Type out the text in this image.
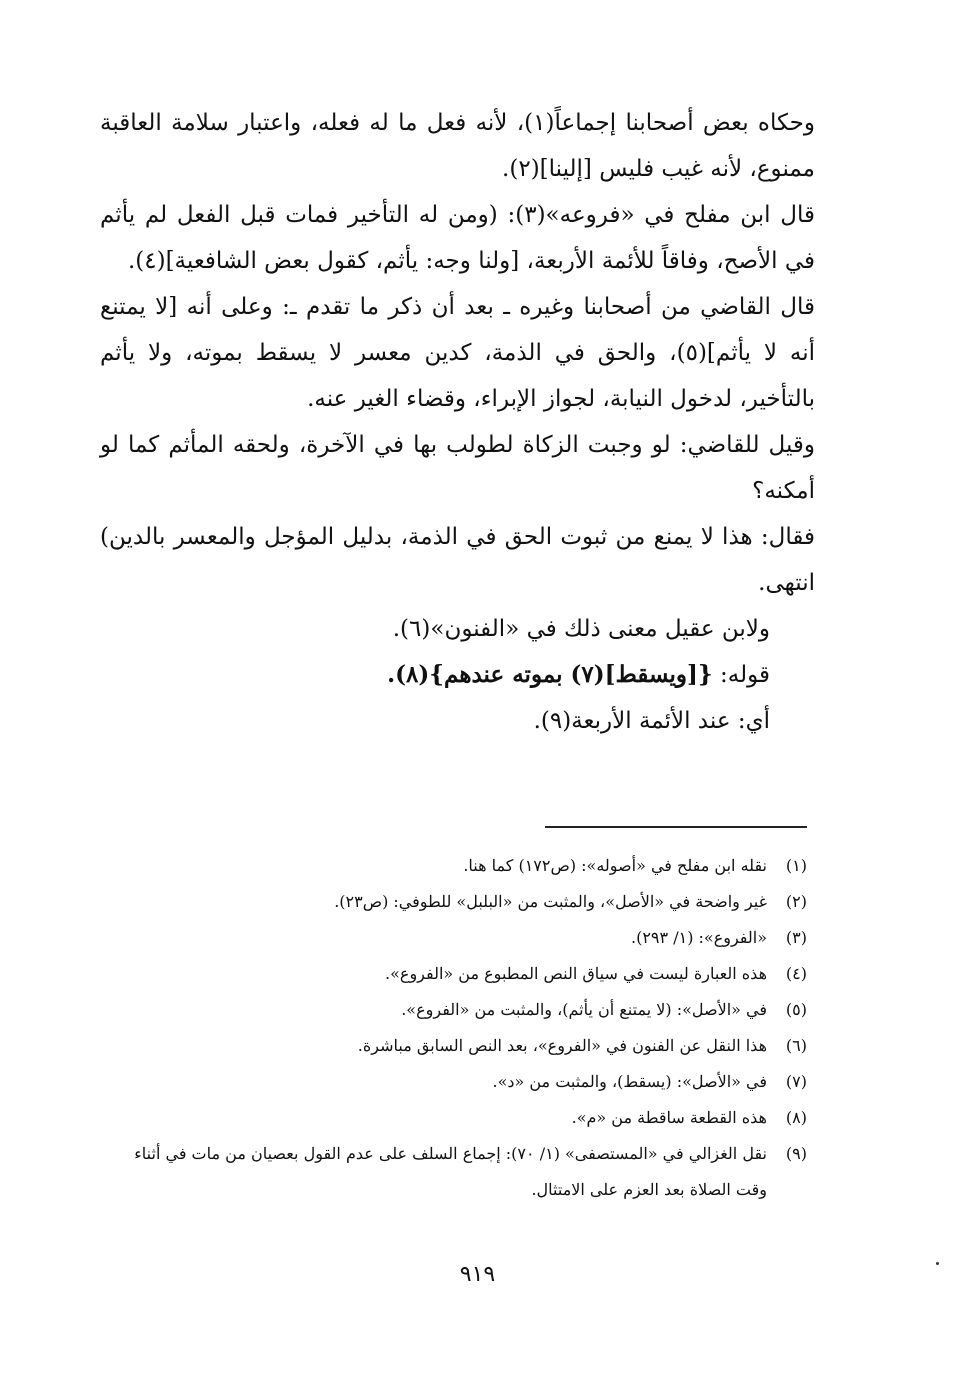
وحكاه بعض أصحابنا إجماعاً(١)، لأنه فعل ما له فعله، واعتبار سلامة العاقبة ممنوع، لأنه غيب فليس [إلينا](٢).

قال ابن مفلح في «فروعه»(٣): (ومن له التأخير فمات قبل الفعل لم يأثم في الأصح، وفاقاً للأئمة الأربعة، [ولنا وجه: يأثم، كقول بعض الشافعية](٤).

قال القاضي من أصحابنا وغيره ـ بعد أن ذكر ما تقدم ـ: وعلى أنه [لا يمتنع أنه لا يأثم](٥)، والحق في الذمة، كدين معسر لا يسقط بموته، ولا يأثم بالتأخير، لدخول النيابة، لجواز الإبراء، وقضاء الغير عنه.

وقيل للقاضي: لو وجبت الزكاة لطولب بها في الآخرة، ولحقه المأثم كما لو أمكنه؟

فقال: هذا لا يمنع من ثبوت الحق في الذمة، بدليل المؤجل والمعسر بالدين) انتهى.

ولابن عقيل معنى ذلك في «الفنون»(٦).

قوله: {[ويسقط](٧) بموته عندهم}(٨).

أي: عند الأئمة الأربعة(٩).

(١)
نقله ابن مفلح في «أصوله»: (ص١٧٢) كما هنا.
(٢)
غير واضحة في «الأصل»، والمثبت من «البلبل» للطوفي: (ص٢٣).
(٣)
«الفروع»: (١/ ٢٩٣).
(٤)
هذه العبارة ليست في سياق النص المطبوع من «الفروع».
(٥)
في «الأصل»: (لا يمتنع أن يأثم)، والمثبت من «الفروع».
(٦)
هذا النقل عن الفنون في «الفروع»، بعد النص السابق مباشرة.
(٧)
في «الأصل»: (يسقط)، والمثبت من «د».
(٨)
هذه القطعة ساقطة من «م».
(٩)
نقل الغزالي في «المستصفى» (١/ ٧٠): إجماع السلف على عدم القول بعصيان من مات في أثناء وقت الصلاة بعد العزم على الامتثال.
٩١٩
